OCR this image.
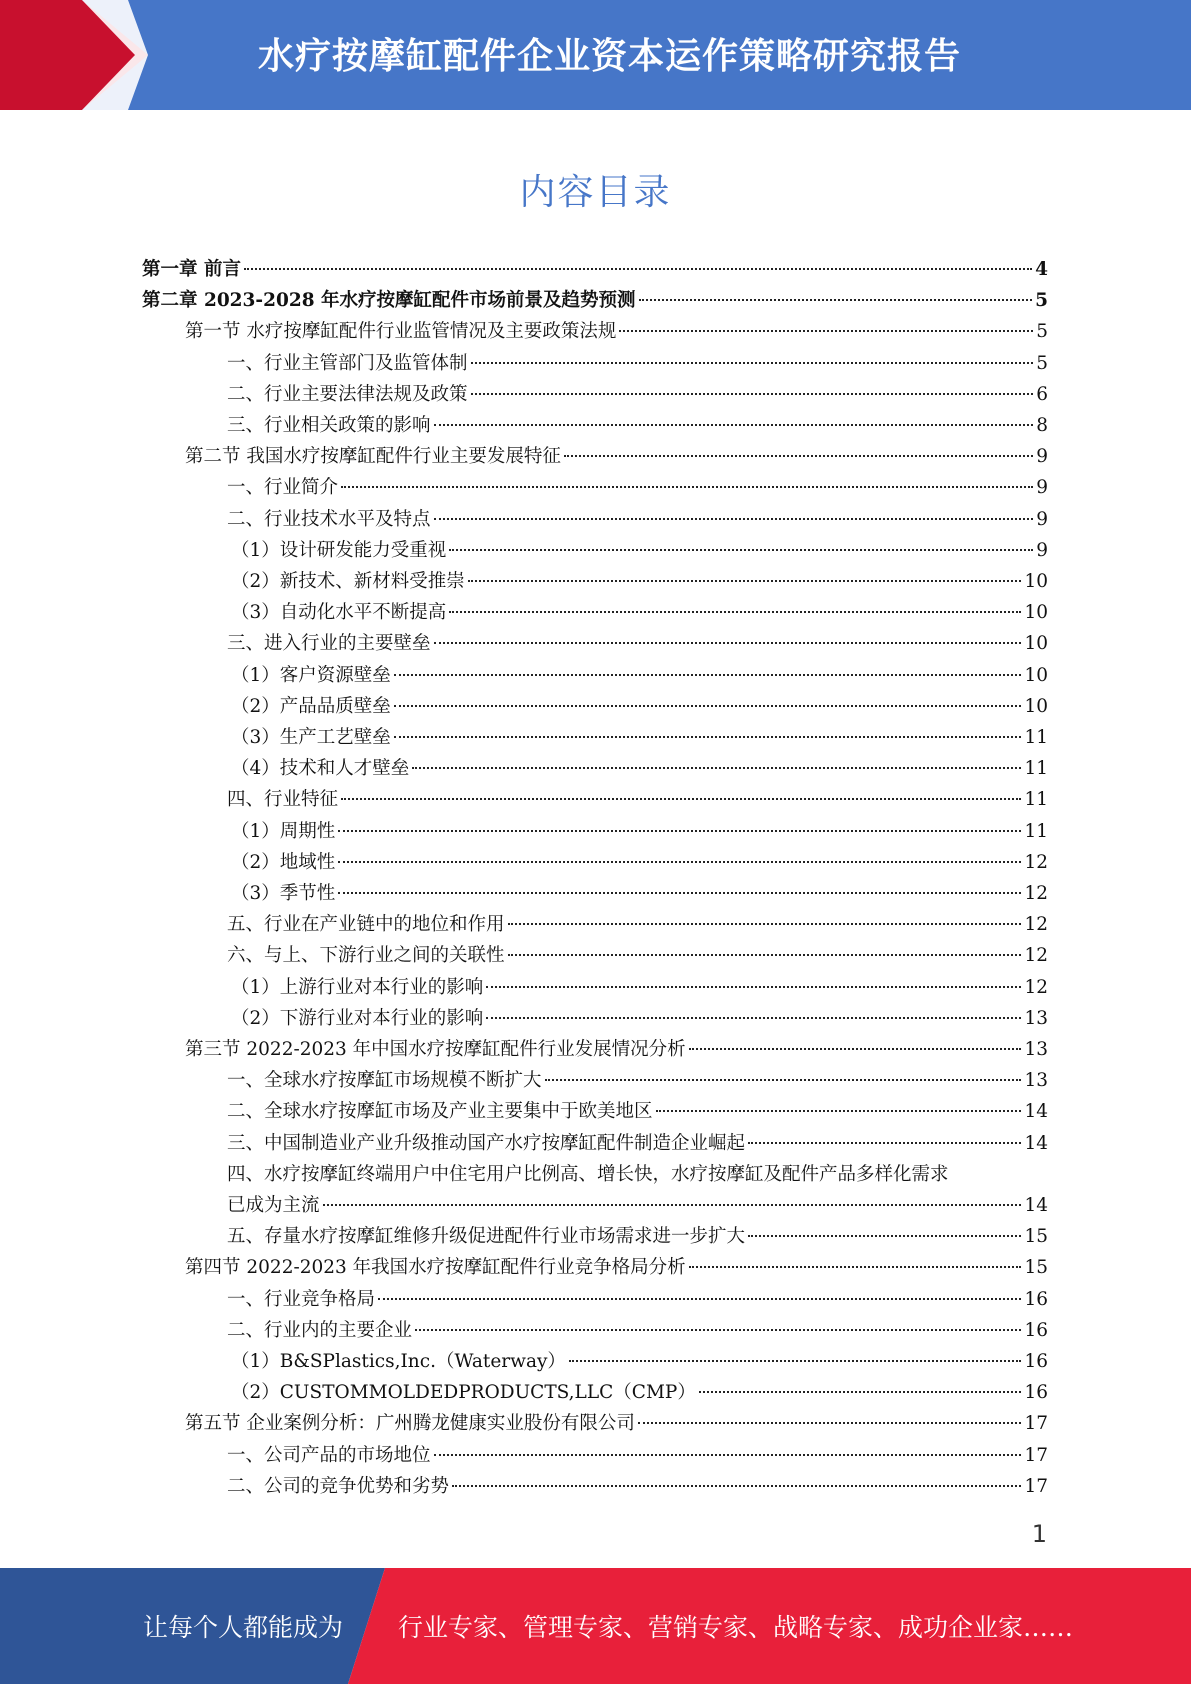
水疗按摩缸配件企业资本运作策略研究报告
内容目录
第一章 前言	4
第二章 2023-2028 年水疗按摩缸配件市场前景及趋势预测	5
第一节 水疗按摩缸配件行业监管情况及主要政策法规	5
一、行业主管部门及监管体制	5
二、行业主要法律法规及政策	6
三、行业相关政策的影响	8
第二节 我国水疗按摩缸配件行业主要发展特征	9
一、行业简介	9
二、行业技术水平及特点	9
（1）设计研发能力受重视	9
（2）新技术、新材料受推崇	10
（3）自动化水平不断提高	10
三、进入行业的主要壁垒	10
（1）客户资源壁垒	10
（2）产品品质壁垒	10
（3）生产工艺壁垒	11
（4）技术和人才壁垒	11
四、行业特征	11
（1）周期性	11
（2）地域性	12
（3）季节性	12
五、行业在产业链中的地位和作用	12
六、与上、下游行业之间的关联性	12
（1）上游行业对本行业的影响	12
（2）下游行业对本行业的影响	13
第三节 2022-2023 年中国水疗按摩缸配件行业发展情况分析	13
一、全球水疗按摩缸市场规模不断扩大	13
二、全球水疗按摩缸市场及产业主要集中于欧美地区	14
三、中国制造业产业升级推动国产水疗按摩缸配件制造企业崛起	14
四、水疗按摩缸终端用户中住宅用户比例高、增长快，水疗按摩缸及配件产品多样化需求
已成为主流	14
五、存量水疗按摩缸维修升级促进配件行业市场需求进一步扩大	15
第四节 2022-2023 年我国水疗按摩缸配件行业竞争格局分析	15
一、行业竞争格局	16
二、行业内的主要企业	16
（1）B&SPlastics,Inc.（Waterway）	16
（2）CUSTOMMOLDEDPRODUCTS,LLC（CMP）	16
第五节 企业案例分析：广州腾龙健康实业股份有限公司	17
一、公司产品的市场地位	17
二、公司的竞争优势和劣势	17
1
让每个人都能成为 行业专家、管理专家、营销专家、战略专家、成功企业家……
